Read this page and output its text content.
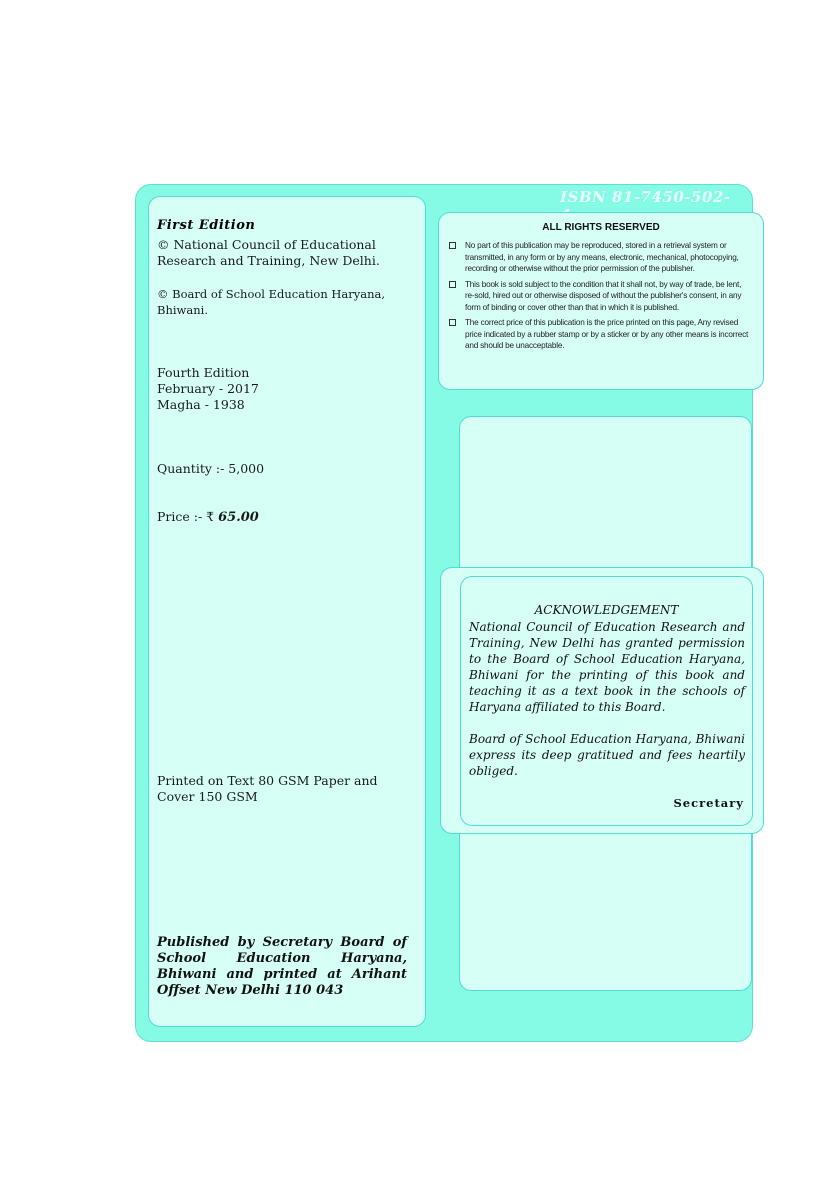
ISBN 81-7450-502-
First Edition
© National Council of Educational
Research and Training, New Delhi.
© Board of School Education Haryana, Bhiwani.
Fourth Edition
February - 2017
Magha - 1938
Quantity :- 5,000
Price :- ₹ 65.00
Printed on Text 80 GSM Paper and
Cover 150 GSM
Published by Secretary Board of School Education Haryana, Bhiwani and printed at Arihant Offset New Delhi 110 043
ALL RIGHTS RESERVED
No part of this publication may be reproduced, stored in a retrieval system or transmitted, in any form or by any means, electronic, mechanical, photocopying, recording or otherwise without the prior permission of the publisher.
This book is sold subject to the condition that it shall not, by way of trade, be lent, re-sold, hired out or otherwise disposed of without the publisher's consent, in any form of binding or cover other than that in which it is published.
The correct price of this publication is the price printed on this page, Any revised price indicated by a rubber stamp or by a sticker or by any other means is incorrect and should be unacceptable.
ACKNOWLEDGEMENT
National Council of Education Research and Training, New Delhi has granted permission to the Board of School Education Haryana, Bhiwani for the printing of this book and teaching it as a text book in the schools of Haryana affiliated to this Board.
Board of School Education Haryana, Bhiwani express its deep gratitued and fees heartily obliged.
Secretary
